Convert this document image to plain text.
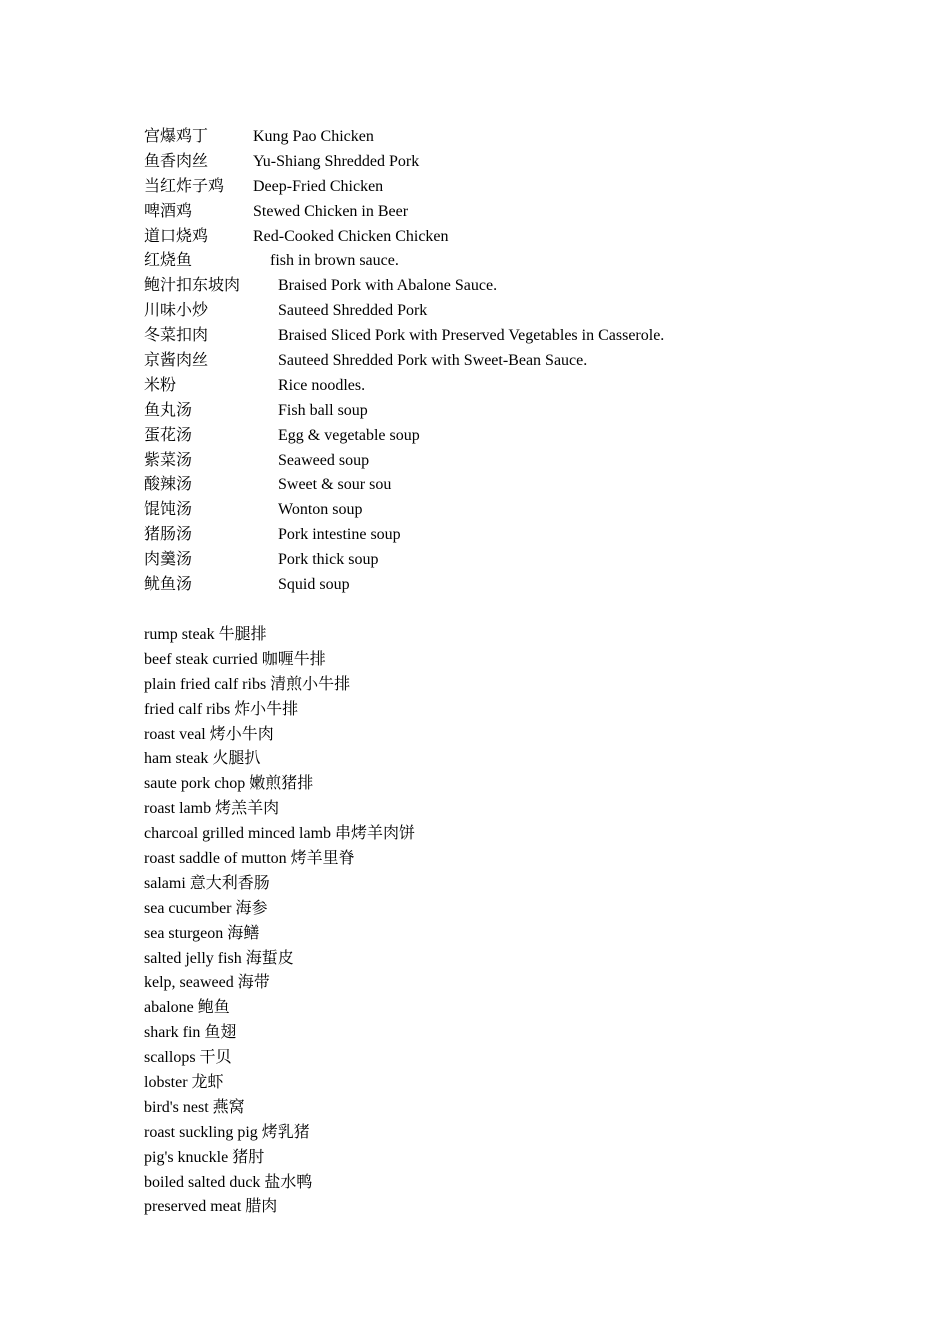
宫爆鸡丁	Kung Pao Chicken
鱼香肉丝	Yu-Shiang Shredded Pork
当红炸子鸡 Deep-Fried Chicken
啤酒鸡	Stewed Chicken in Beer
道口烧鸡	Red-Cooked Chicken Chicken
红烧鱼	fish in brown sauce.
鲍汁扣东坡肉 Braised Pork with Abalone Sauce.
川味小炒	Sauteed Shredded Pork
冬菜扣肉	Braised Sliced Pork with Preserved Vegetables in Casserole.
京酱肉丝	Sauteed Shredded Pork with Sweet-Bean Sauce.
米粉	Rice noodles.
鱼丸汤	Fish ball soup
蛋花汤	Egg & vegetable soup
紫菜汤	Seaweed soup
酸辣汤	Sweet & sour sou
馄饨汤	Wonton soup
猪肠汤	Pork intestine soup
肉羹汤	Pork thick soup
鱿鱼汤	Squid soup
rump steak 牛腿排
beef steak curried 咖喱牛排
plain fried calf ribs 清煎小牛排
fried calf ribs 炸小牛排
roast veal 烤小牛肉
ham steak 火腿扒
saute pork chop 嫩煎猪排
roast lamb 烤羔羊肉
charcoal grilled minced lamb 串烤羊肉饼
roast saddle of mutton 烤羊里脊
salami 意大利香肠
sea cucumber 海参
sea sturgeon 海鳝
salted jelly fish 海蜇皮
kelp, seaweed 海带
abalone 鲍鱼
shark fin 鱼翅
scallops 干贝
lobster 龙虾
bird's nest 燕窝
roast suckling pig 烤乳猪
pig's knuckle 猪肘
boiled salted duck 盐水鸭
preserved meat 腊肉
